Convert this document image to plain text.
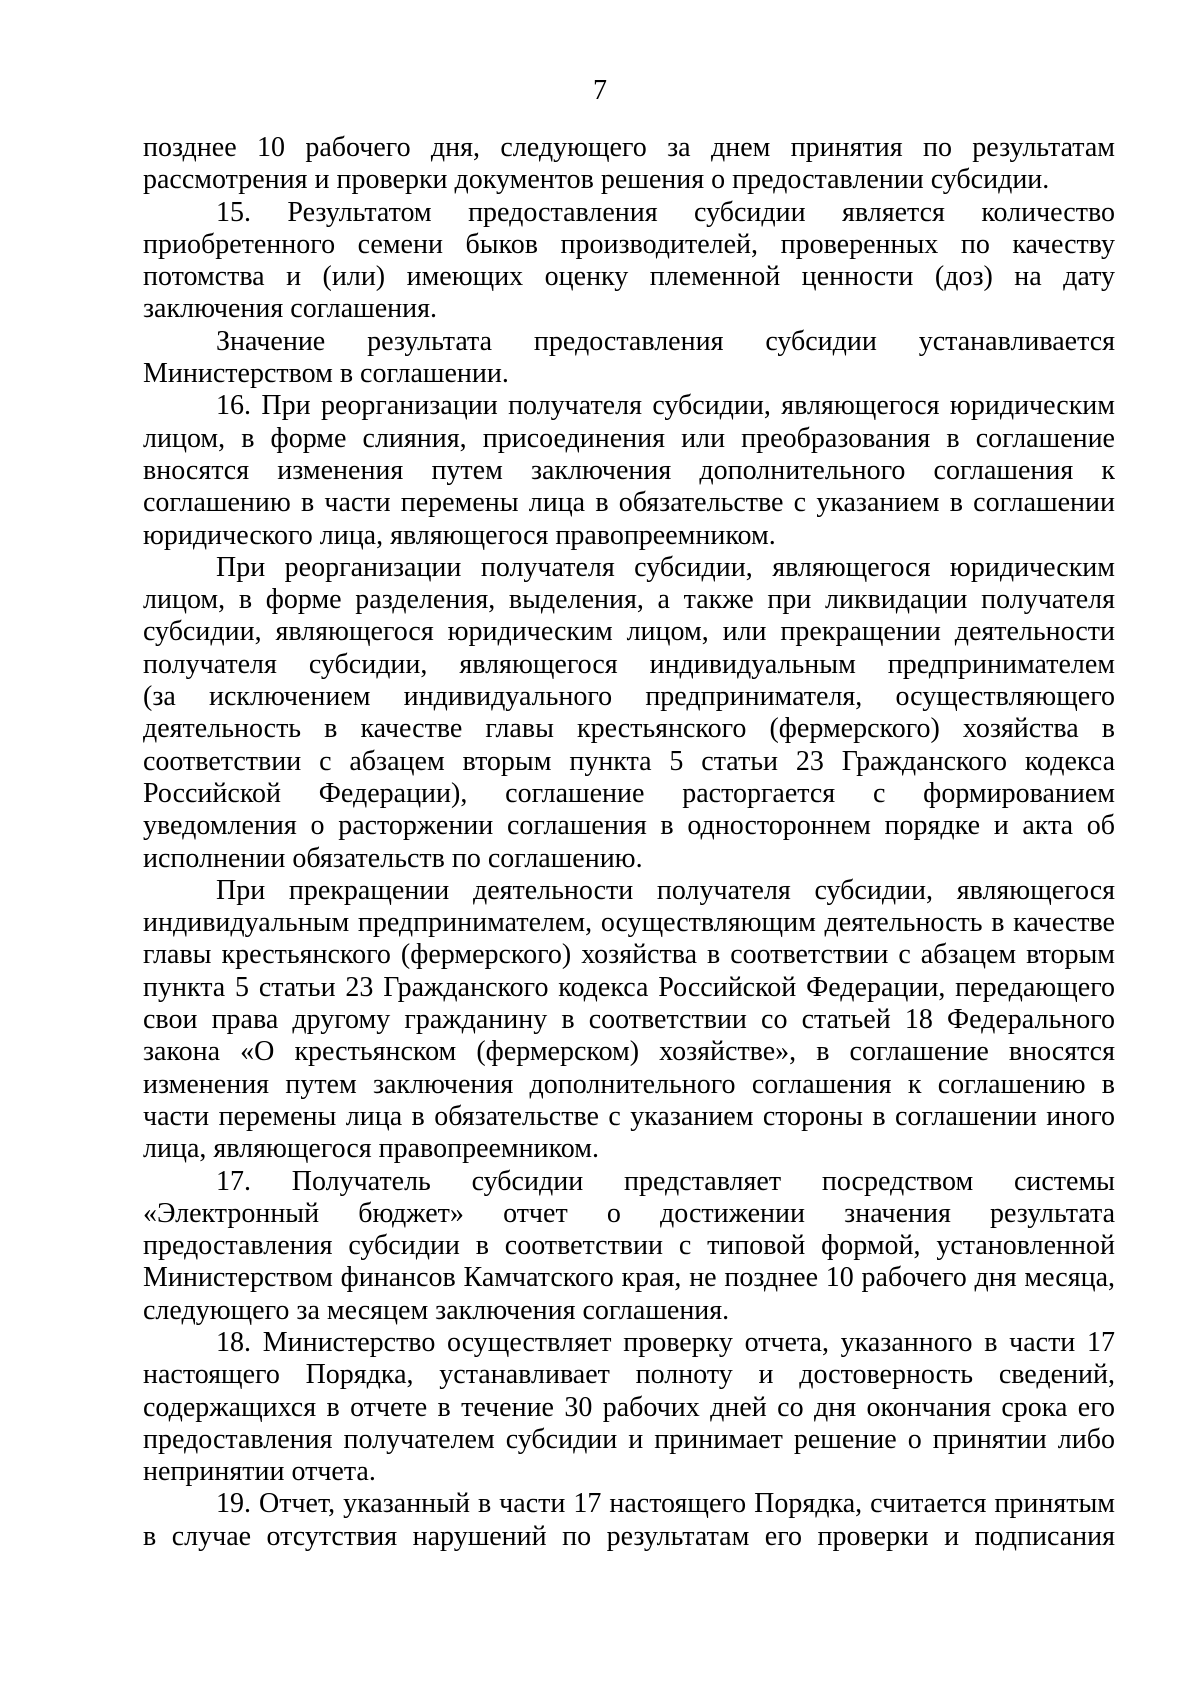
7
позднее 10 рабочего дня, следующего за днем принятия по результатам
рассмотрения и проверки документов решения о предоставлении субсидии.
15. Результатом предоставления субсидии является количество
приобретенного семени быков производителей, проверенных по качеству
потомства и (или) имеющих оценку племенной ценности (доз) на дату
заключения соглашения.
Значение результата предоставления субсидии устанавливается
Министерством в соглашении.
16. При реорганизации получателя субсидии, являющегося юридическим
лицом, в форме слияния, присоединения или преобразования в соглашение
вносятся изменения путем заключения дополнительного соглашения к
соглашению в части перемены лица в обязательстве с указанием в соглашении
юридического лица, являющегося правопреемником.
При реорганизации получателя субсидии, являющегося юридическим
лицом, в форме разделения, выделения, а также при ликвидации получателя
субсидии, являющегося юридическим лицом, или прекращении деятельности
получателя субсидии, являющегося индивидуальным предпринимателем
(за исключением индивидуального предпринимателя, осуществляющего
деятельность в качестве главы крестьянского (фермерского) хозяйства в
соответствии с абзацем вторым пункта 5 статьи 23 Гражданского кодекса
Российской Федерации), соглашение расторгается с формированием
уведомления о расторжении соглашения в одностороннем порядке и акта об
исполнении обязательств по соглашению.
При прекращении деятельности получателя субсидии, являющегося
индивидуальным предпринимателем, осуществляющим деятельность в качестве
главы крестьянского (фермерского) хозяйства в соответствии с абзацем вторым
пункта 5 статьи 23 Гражданского кодекса Российской Федерации, передающего
свои права другому гражданину в соответствии со статьей 18 Федерального
закона «О крестьянском (фермерском) хозяйстве», в соглашение вносятся
изменения путем заключения дополнительного соглашения к соглашению в
части перемены лица в обязательстве с указанием стороны в соглашении иного
лица, являющегося правопреемником.
17. Получатель субсидии представляет посредством системы
«Электронный бюджет» отчет о достижении значения результата
предоставления субсидии в соответствии с типовой формой, установленной
Министерством финансов Камчатского края, не позднее 10 рабочего дня месяца,
следующего за месяцем заключения соглашения.
18. Министерство осуществляет проверку отчета, указанного в части 17
настоящего Порядка, устанавливает полноту и достоверность сведений,
содержащихся в отчете в течение 30 рабочих дней со дня окончания срока его
предоставления получателем субсидии и принимает решение о принятии либо
непринятии отчета.
19. Отчет, указанный в части 17 настоящего Порядка, считается принятым
в случае отсутствия нарушений по результатам его проверки и подписания
